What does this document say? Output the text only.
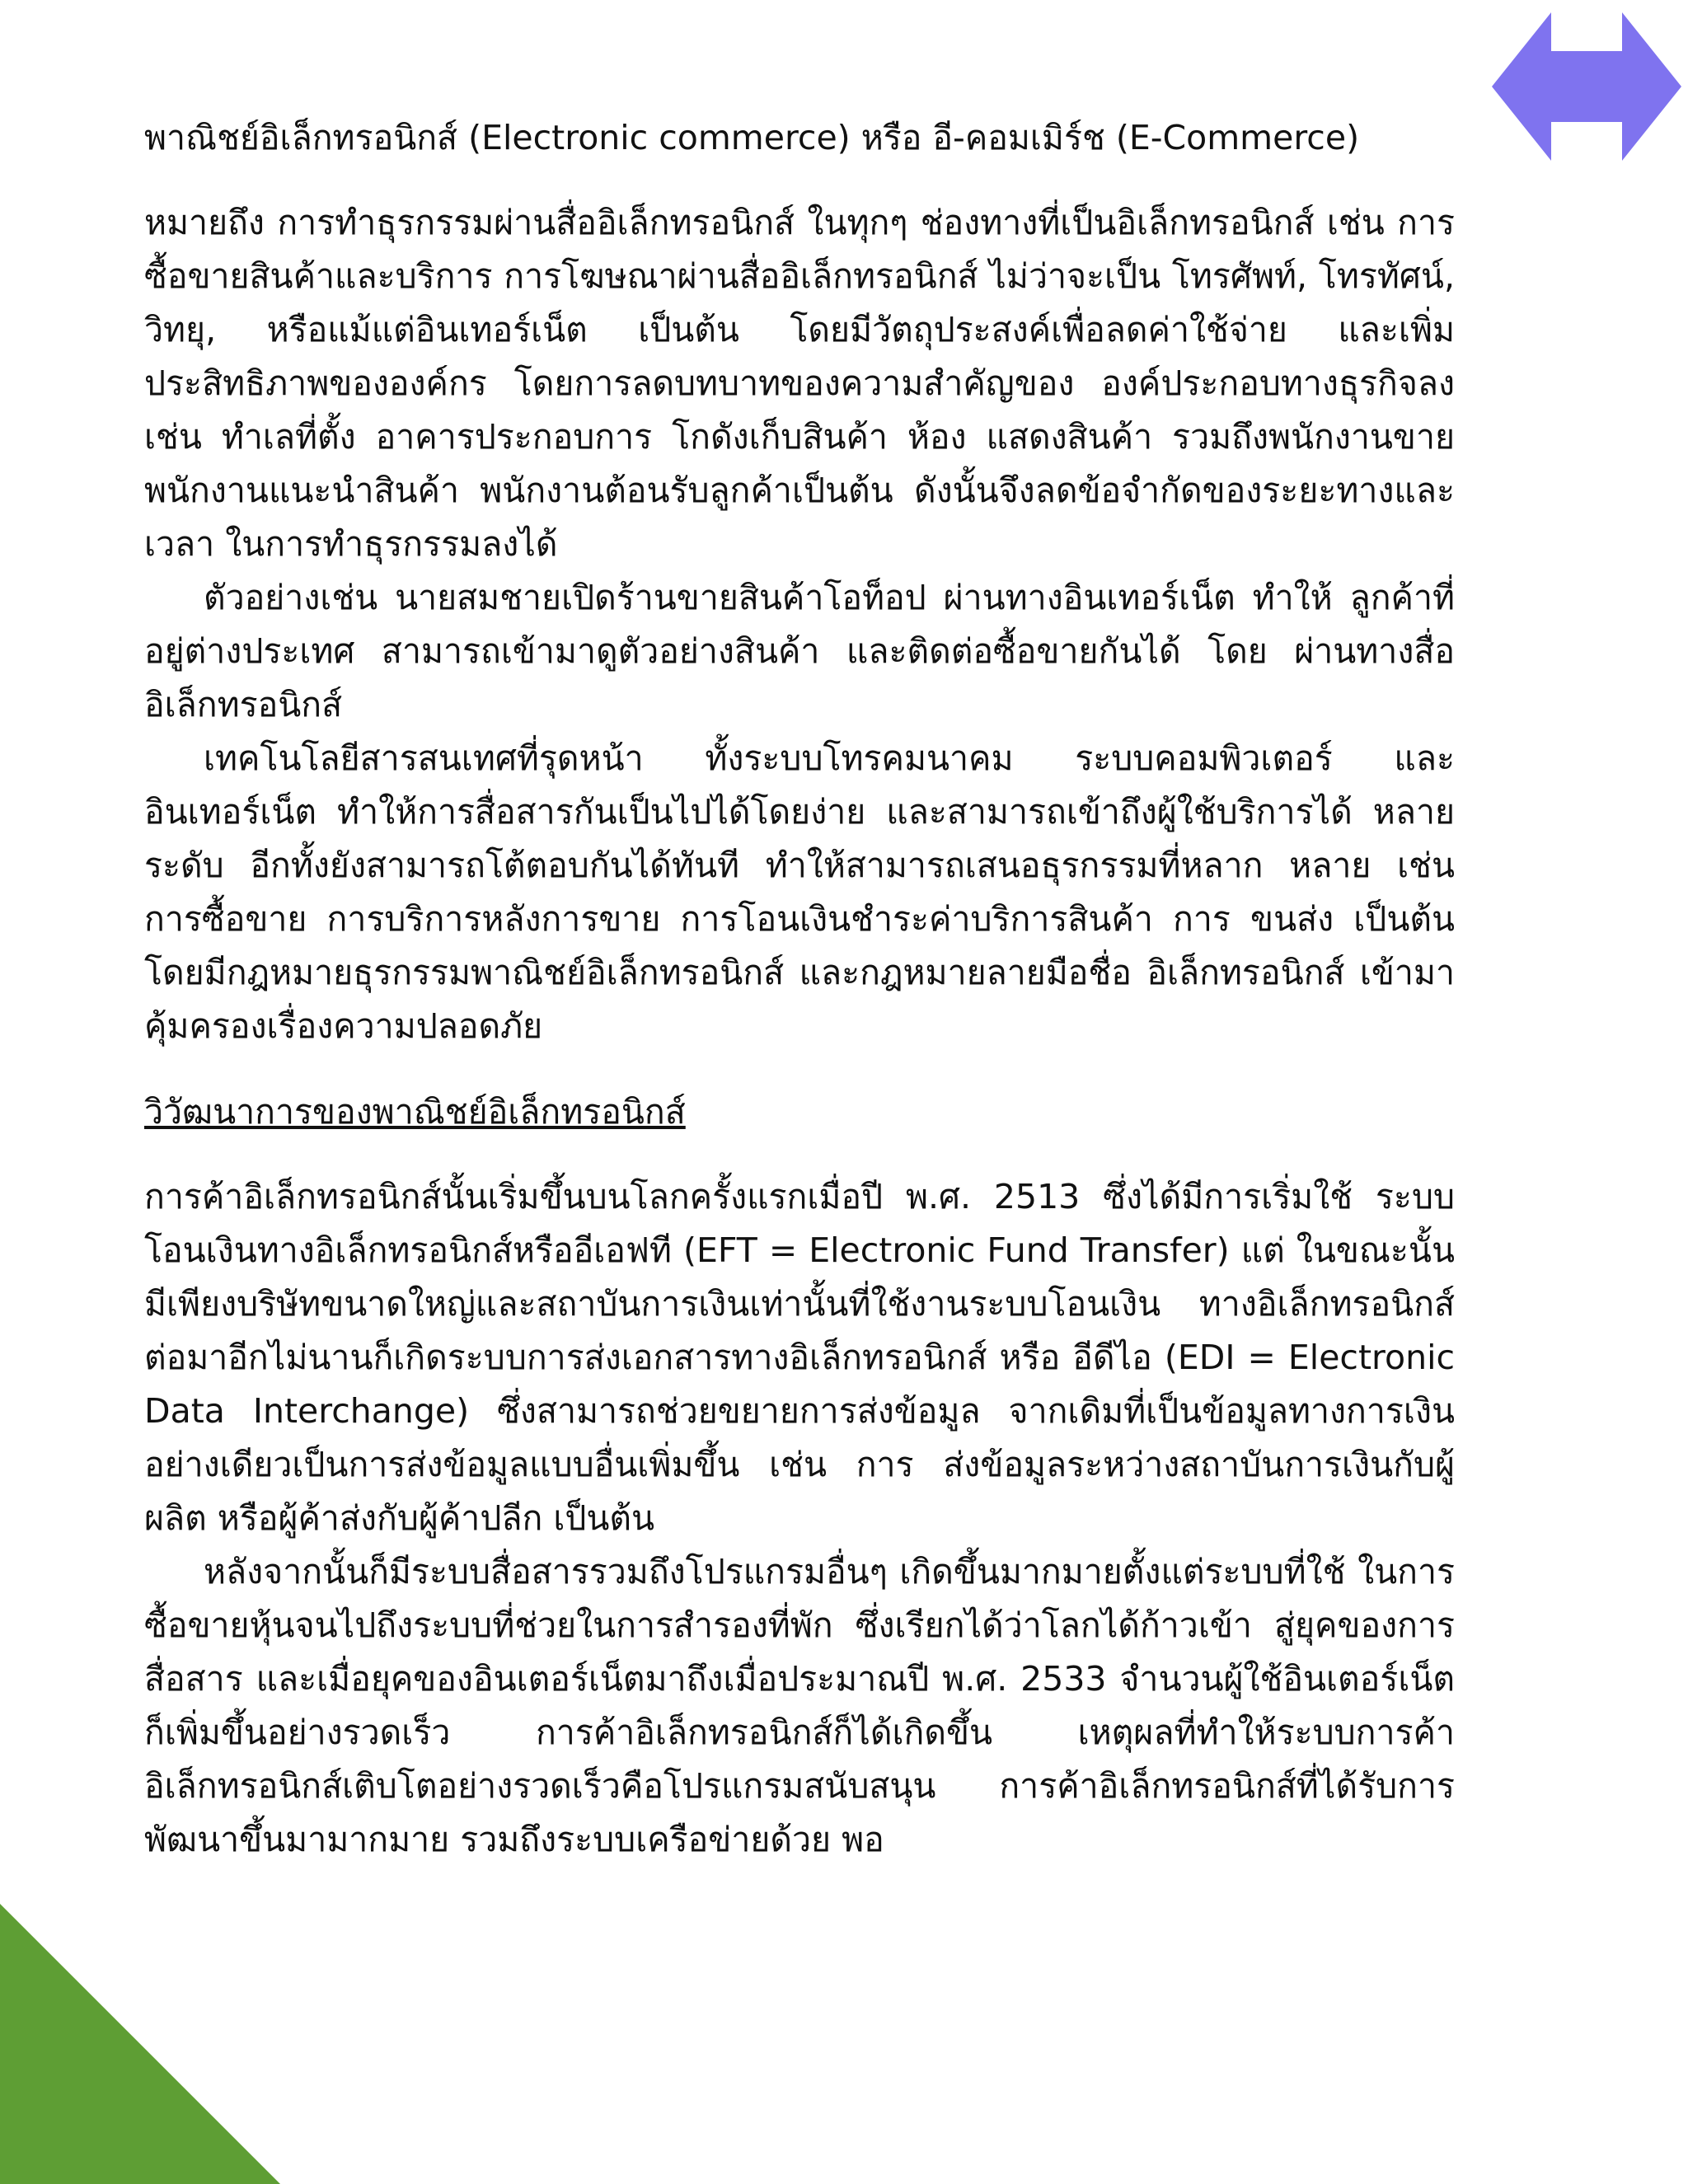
พาณิชย์อิเล็กทรอนิกส์ (Electronic commerce) หรือ อี-คอมเมิร์ช (E-Commerce)

หมายถึง การทำธุรกรรมผ่านสื่ออิเล็กทรอนิกส์ ในทุกๆ ช่องทางที่เป็นอิเล็กทรอนิกส์ เช่น การซื้อขายสินค้าและบริการ การโฆษณาผ่านสื่ออิเล็กทรอนิกส์ ไม่ว่าจะเป็น โทรศัพท์, โทรทัศน์, วิทยุ, หรือแม้แต่อินเทอร์เน็ต เป็นต้น โดยมีวัตถุประสงค์เพื่อลดค่าใช้จ่าย และเพิ่มประสิทธิภาพขององค์กร โดยการลดบทบาทของความสำคัญของ องค์ประกอบทางธุรกิจลง เช่น ทำเลที่ตั้ง อาคารประกอบการ โกดังเก็บสินค้า ห้อง แสดงสินค้า รวมถึงพนักงานขาย พนักงานแนะนำสินค้า พนักงานต้อนรับลูกค้าเป็นต้น ดังนั้นจึงลดข้อจำกัดของระยะทางและเวลา ในการทำธุรกรรมลงได้

ตัวอย่างเช่น นายสมชายเปิดร้านขายสินค้าโอท็อป ผ่านทางอินเทอร์เน็ต ทำให้ ลูกค้าที่อยู่ต่างประเทศ สามารถเข้ามาดูตัวอย่างสินค้า และติดต่อซื้อขายกันได้ โดย ผ่านทางสื่ออิเล็กทรอนิกส์

เทคโนโลยีสารสนเทศที่รุดหน้า ทั้งระบบโทรคมนาคม ระบบคอมพิวเตอร์ และ อินเทอร์เน็ต ทำให้การสื่อสารกันเป็นไปได้โดยง่าย และสามารถเข้าถึงผู้ใช้บริการได้ หลายระดับ อีกทั้งยังสามารถโต้ตอบกันได้ทันที ทำให้สามารถเสนอธุรกรรมที่หลาก หลาย เช่น การซื้อขาย การบริการหลังการขาย การโอนเงินชำระค่าบริการสินค้า การ ขนส่ง เป็นต้น โดยมีกฎหมายธุรกรรมพาณิชย์อิเล็กทรอนิกส์ และกฎหมายลายมือชื่อ อิเล็กทรอนิกส์ เข้ามาคุ้มครองเรื่องความปลอดภัย

วิวัฒนาการของพาณิชย์อิเล็กทรอนิกส์

การค้าอิเล็กทรอนิกส์นั้นเริ่มขึ้นบนโลกครั้งแรกเมื่อปี พ.ศ. 2513 ซึ่งได้มีการเริ่มใช้ ระบบโอนเงินทางอิเล็กทรอนิกส์หรืออีเอฟที (EFT = Electronic Fund Transfer) แต่ ในขณะนั้นมีเพียงบริษัทขนาดใหญ่และสถาบันการเงินเท่านั้นที่ใช้งานระบบโอนเงิน ทางอิเล็กทรอนิกส์ ต่อมาอีกไม่นานก็เกิดระบบการส่งเอกสารทางอิเล็กทรอนิกส์ หรือ อีดีไอ (EDI = Electronic Data Interchange) ซึ่งสามารถช่วยขยายการส่งข้อมูล จากเดิมที่เป็นข้อมูลทางการเงินอย่างเดียวเป็นการส่งข้อมูลแบบอื่นเพิ่มขึ้น เช่น การ ส่งข้อมูลระหว่างสถาบันการเงินกับผู้ผลิต หรือผู้ค้าส่งกับผู้ค้าปลีก เป็นต้น

หลังจากนั้นก็มีระบบสื่อสารรวมถึงโปรแกรมอื่นๆ เกิดขึ้นมากมายตั้งแต่ระบบที่ใช้ ในการซื้อขายหุ้นจนไปถึงระบบที่ช่วยในการสำรองที่พัก ซึ่งเรียกได้ว่าโลกได้ก้าวเข้า สู่ยุคของการสื่อสาร และเมื่อยุคของอินเตอร์เน็ตมาถึงเมื่อประมาณปี พ.ศ. 2533 จำนวนผู้ใช้อินเตอร์เน็ตก็เพิ่มขึ้นอย่างรวดเร็ว การค้าอิเล็กทรอนิกส์ก็ได้เกิดขึ้น เหตุผลที่ทำให้ระบบการค้าอิเล็กทรอนิกส์เติบโตอย่างรวดเร็วคือโปรแกรมสนับสนุน การค้าอิเล็กทรอนิกส์ที่ได้รับการพัฒนาขึ้นมามากมาย รวมถึงระบบเครือข่ายด้วย พอ
